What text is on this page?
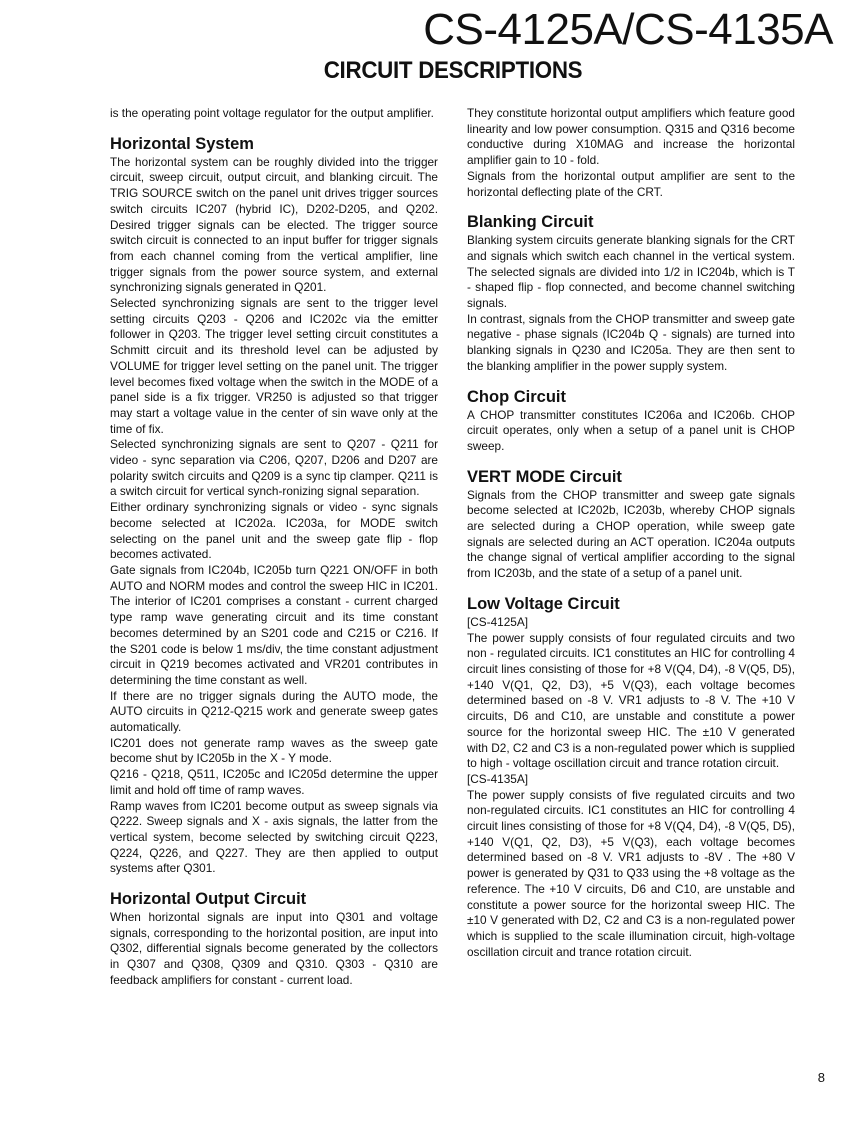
CS-4125A/CS-4135A
CIRCUIT DESCRIPTIONS

is the operating point voltage regulator for the output amplifier.

Horizontal System

The horizontal system can be roughly divided into the trigger circuit, sweep circuit, output circuit, and blanking circuit. The TRIG SOURCE switch on the panel unit drives trigger sources switch circuits IC207 (hybrid IC), D202-D205, and Q202. Desired trigger signals can be elected. The trigger source switch circuit is connected to an input buffer for trigger signals from each channel coming from the vertical amplifier, line trigger signals from the power source system, and external synchronizing signals generated in Q201.

Selected synchronizing signals are sent to the trigger level setting circuits Q203 - Q206 and IC202c via the emitter follower in Q203. The trigger level setting circuit constitutes a Schmitt circuit and its threshold level can be adjusted by VOLUME for trigger level setting on the panel unit. The trigger level becomes fixed voltage when the switch in the MODE of a panel side is a fix trigger. VR250 is adjusted so that trigger may start a voltage value in the center of sin wave only at the time of fix.

Selected synchronizing signals are sent to Q207 - Q211 for video - sync separation via C206, Q207, D206 and D207 are polarity switch circuits and Q209 is a sync tip clamper. Q211 is a switch circuit for vertical synch-ronizing signal separation.

Either ordinary synchronizing signals or video - sync signals become selected at IC202a. IC203a, for MODE switch selecting on the panel unit and the sweep gate flip - flop becomes activated.

Gate signals from IC204b, IC205b turn Q221 ON/OFF in both AUTO and NORM modes and control the sweep HIC in IC201. The interior of IC201 comprises a constant - current charged type ramp wave generating circuit and its time constant becomes determined by an S201 code and C215 or C216. If the S201 code is below 1 ms/div, the time constant adjustment circuit in Q219 becomes activated and VR201 contributes in determining the time constant as well.

If there are no trigger signals during the AUTO mode, the AUTO circuits in Q212-Q215 work and generate sweep gates automatically.

IC201 does not generate ramp waves as the sweep gate become shut by IC205b in the X - Y mode.

Q216 - Q218, Q511, IC205c and IC205d determine the upper limit and hold off time of ramp waves.

Ramp waves from IC201 become output as sweep signals via Q222. Sweep signals and X - axis signals, the latter from the vertical system, become selected by switching circuit Q223, Q224, Q226, and Q227. They are then applied to output systems after Q301.

Horizontal Output Circuit

When horizontal signals are input into Q301 and voltage signals, corresponding to the horizontal position, are input into Q302, differential signals become generated by the collectors in Q307 and Q308, Q309 and Q310. Q303 - Q310 are feedback amplifiers for constant - current load.

They constitute horizontal output amplifiers which feature good linearity and low power consumption. Q315 and Q316 become conductive during X10MAG and increase the horizontal amplifier gain to 10 - fold.

Signals from the horizontal output amplifier are sent to the horizontal deflecting plate of the CRT.

Blanking Circuit

Blanking system circuits generate blanking signals for the CRT and signals which switch each channel in the vertical system. The selected signals are divided into 1/2 in IC204b, which is T - shaped flip - flop connected, and become channel switching signals.

In contrast, signals from the CHOP transmitter and sweep gate negative - phase signals (IC204b Q - signals) are turned into blanking signals in Q230 and IC205a. They are then sent to the blanking amplifier in the power supply system.

Chop Circuit

A CHOP transmitter constitutes IC206a and IC206b. CHOP circuit operates, only when a setup of a panel unit is CHOP sweep.

VERT MODE Circuit

Signals from the CHOP transmitter and sweep gate signals become selected at IC202b, IC203b, whereby CHOP signals are selected during a CHOP operation, while sweep gate signals are selected during an ACT operation. IC204a outputs the change signal of vertical amplifier according to the signal from IC203b, and the state of a setup of a panel unit.

Low Voltage Circuit

[CS-4125A]

The power supply consists of four regulated circuits and two non - regulated circuits. IC1 constitutes an HIC for controlling 4 circuit lines consisting of those for +8 V(Q4, D4), -8 V(Q5, D5), +140 V(Q1, Q2, D3), +5 V(Q3), each voltage becomes determined based on -8 V. VR1 adjusts to -8 V. The +10 V circuits, D6 and C10, are unstable and constitute a power source for the horizontal sweep HIC. The ±10 V generated with D2, C2 and C3 is a non-regulated power which is supplied to high - voltage oscillation circuit and trance rotation circuit.

[CS-4135A]

The power supply consists of five regulated circuits and two non-regulated circuits. IC1 constitutes an HIC for controlling 4 circuit lines consisting of those for +8 V(Q4, D4), -8 V(Q5, D5), +140 V(Q1, Q2, D3), +5 V(Q3), each voltage becomes determined based on -8 V. VR1 adjusts to -8V . The +80 V power is generated by Q31 to Q33 using the +8 voltage as the reference. The +10 V circuits, D6 and C10, are unstable and constitute a power source for the horizontal sweep HIC. The ±10 V generated with D2, C2 and C3 is a non-regulated power which is supplied to the scale illumination circuit, high-voltage oscillation circuit and trance rotation circuit.

8
